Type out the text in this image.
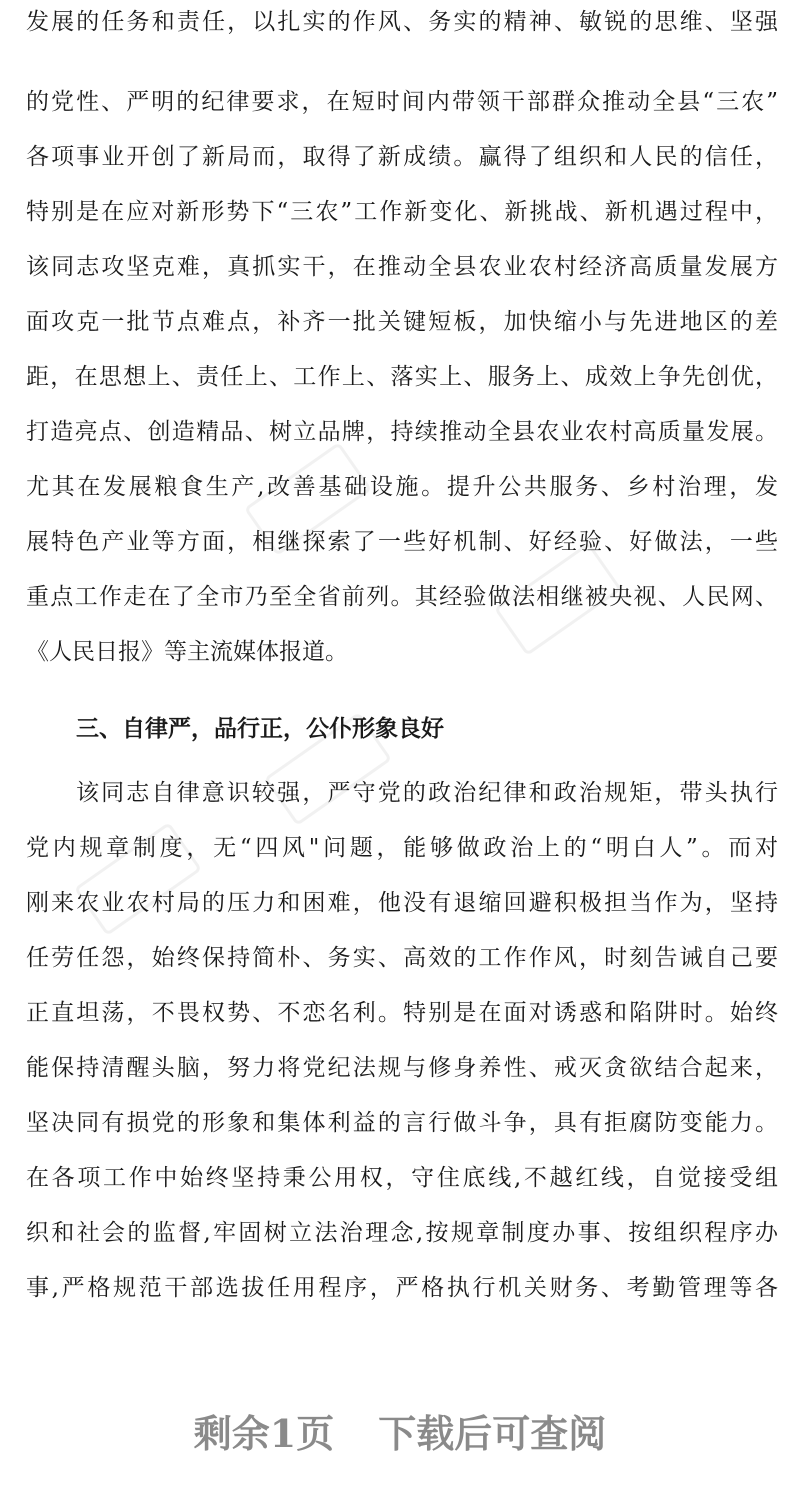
发展的任务和责任，以扎实的作风、务实的精神、敏锐的思维、坚强
的党性、严明的纪律要求，在短时间内带领干部群众推动全县“三农”
各项事业开创了新局而，取得了新成绩。赢得了组织和人民的信任，
特别是在应对新形势下“三农”工作新变化、新挑战、新机遇过程中，
该同志攻坚克难，真抓实干，在推动全县农业农村经济高质量发展方
面攻克一批节点难点，补齐一批关键短板，加快缩小与先进地区的差
距，在思想上、责任上、工作上、落实上、服务上、成效上争先创优，
打造亮点、创造精品、树立品牌，持续推动全县农业农村高质量发展。
尤其在发展粮食生产,改善基础设施。提升公共服务、乡村治理，发
展特色产业等方面，相继探索了一些好机制、好经验、好做法，一些
重点工作走在了全市乃至全省前列。其经验做法相继被央视、人民网、
《人民日报》等主流媒体报道。
三、自律严，品行正，公仆形象良好
该同志自律意识较强，严守党的政治纪律和政治规矩，带头执行
党内规章制度，无“四风"问题，能够做政治上的“明白人”。而对
刚来农业农村局的压力和困难，他没有退缩回避积极担当作为，坚持
任劳任怨，始终保持简朴、务实、高效的工作作风，时刻告诫自己要
正直坦荡，不畏权势、不恋名利。特别是在面对诱惑和陷阱时。始终
能保持清醒头脑，努力将党纪法规与修身养性、戒灭贪欲结合起来，
坚决同有损党的形象和集体利益的言行做斗争，具有拒腐防变能力。
在各项工作中始终坚持秉公用权，守住底线,不越红线，自觉接受组
织和社会的监督,牢固树立法治理念,按规章制度办事、按组织程序办
事,严格规范干部选拔任用程序，严格执行机关财务、考勤管理等各
剩余1页 下载后可查阅
